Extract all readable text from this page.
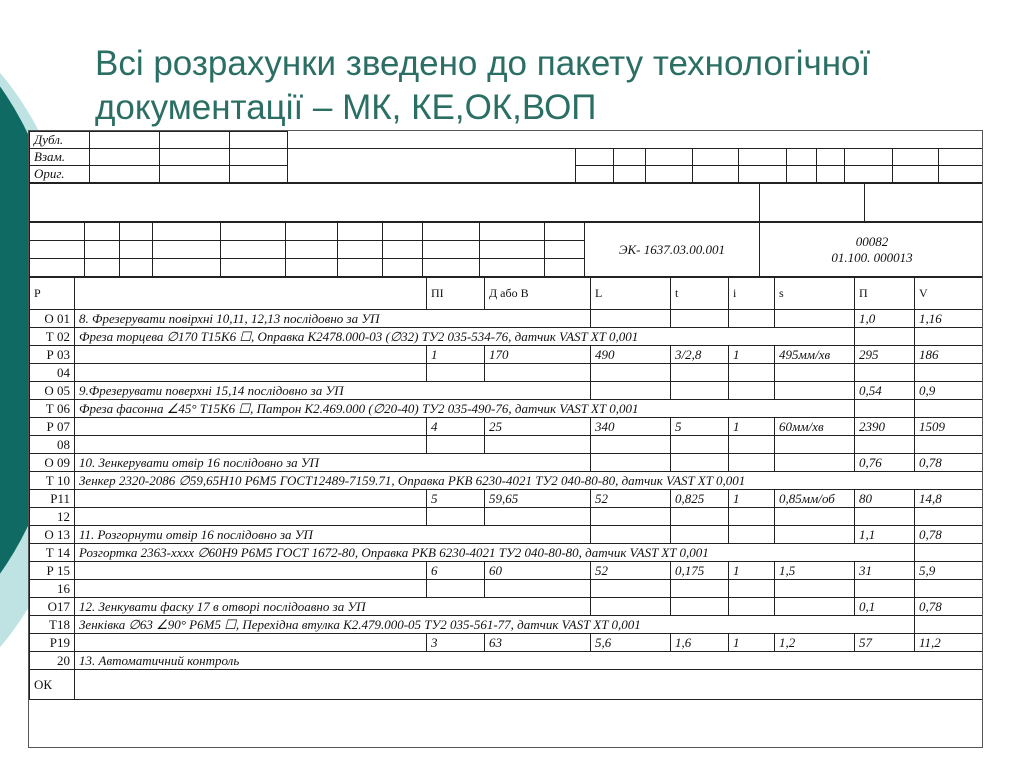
Всі розрахунки зведено до пакету технологічної
документації – МК, КЕ,ОК,ВОП
Дубл.														
Взам.														
Ориг.														

											ЭК- 1637.03.00.001	00082
01.100. 000013

Р		ПІ	Д або В	L	t	i	s	П	V
О 01	8. Фрезерувати повірхні 10,11, 12,13 послідовно за УП							1,0	1,16
Т 02	Фреза торцева ∅170 Т15К6 ☐, Оправка К2478.000-03 (∅32) ТУ2 035-534-76, датчик VAST XT 0,001								
Р 03		1	170	490	3/2,8	1	495мм/хв	295	186
04									
О 05	9.Фрезерувати поверхні 15,14 послідовно за УП							0,54	0,9
Т 06	Фреза фасонна ∠45° Т15К6 ☐, Патрон К2.469.000 (∅20-40) ТУ2 035-490-76, датчик VAST XT 0,001								
Р 07		4	25	340	5	1	60мм/хв	2390	1509
08									
О 09	10. Зенкерувати отвір 16 послідовно за УП							0,76	0,78
Т 10	Зенкер 2320-2086 ∅59,65Н10 Р6М5 ГОСТ12489-7159.71, Оправка РКВ 6230-4021 ТУ2 040-80-80, датчик VAST XT 0,001								
Р11		5	59,65	52	0,825	1	0,85мм/об	80	14,8
12									
О 13	11. Розгорнути отвір 16 послідовно за УП							1,1	0,78
Т 14	Розгортка 2363-хххх ∅60Н9 Р6М5 ГОСТ 1672-80, Оправка РКВ 6230-4021 ТУ2 040-80-80, датчик VAST XT 0,001								
Р 15		6	60	52	0,175	1	1,5	31	5,9
16									
О17	12. Зенкувати фаску 17 в отворі послідоавно за УП							0,1	0,78
Т18	Зенківка ∅63 ∠90° Р6М5 ☐, Перехідна втулка К2.479.000-05 ТУ2 035-561-77, датчик VAST XT 0,001								
Р19		3	63	5,6	1,6	1	1,2	57	11,2
20	13. Автоматичний контроль								
ОК									
